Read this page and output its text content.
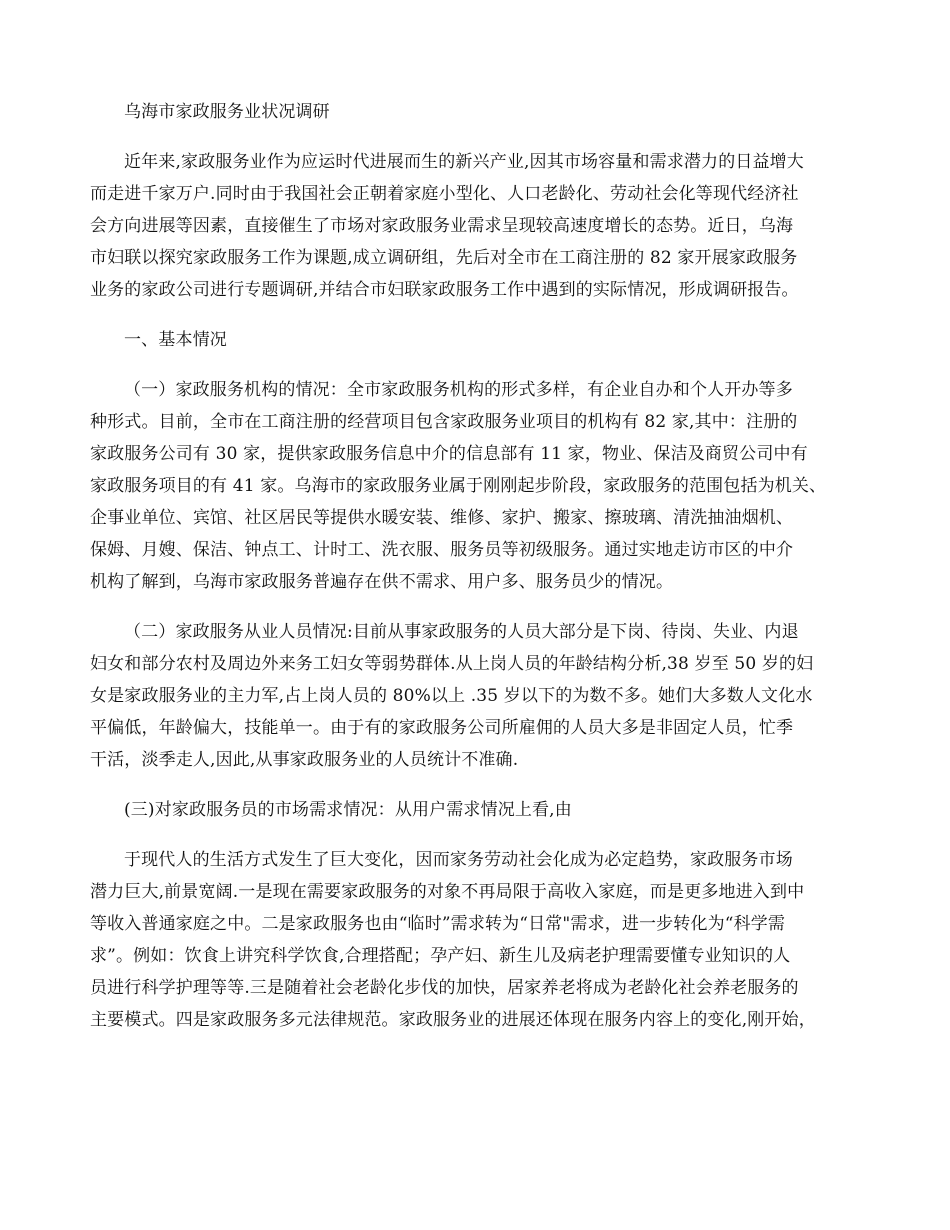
乌海市家政服务业状况调研
近年来,家政服务业作为应运时代进展而生的新兴产业,因其市场容量和需求潜力的日益增大
而走进千家万户.同时由于我国社会正朝着家庭小型化、人口老龄化、劳动社会化等现代经济社
会方向进展等因素，直接催生了市场对家政服务业需求呈现较高速度增长的态势。近日，乌海
市妇联以探究家政服务工作为课题,成立调研组，先后对全市在工商注册的 82 家开展家政服务
业务的家政公司进行专题调研,并结合市妇联家政服务工作中遇到的实际情况，形成调研报告。
一、基本情况
（一）家政服务机构的情况：全市家政服务机构的形式多样，有企业自办和个人开办等多
种形式。目前，全市在工商注册的经营项目包含家政服务业项目的机构有 82 家,其中：注册的
家政服务公司有 30 家，提供家政服务信息中介的信息部有 11 家，物业、保洁及商贸公司中有
家政服务项目的有 41 家。乌海市的家政服务业属于刚刚起步阶段，家政服务的范围包括为机关、
企事业单位、宾馆、社区居民等提供水暖安装、维修、家护、搬家、擦玻璃、清洗抽油烟机、
保姆、月嫂、保洁、钟点工、计时工、洗衣服、服务员等初级服务。通过实地走访市区的中介
机构了解到，乌海市家政服务普遍存在供不需求、用户多、服务员少的情况。
（二）家政服务从业人员情况:目前从事家政服务的人员大部分是下岗、待岗、失业、内退
妇女和部分农村及周边外来务工妇女等弱势群体.从上岗人员的年龄结构分析,38 岁至 50 岁的妇
女是家政服务业的主力军,占上岗人员的 80%以上 .35 岁以下的为数不多。她们大多数人文化水
平偏低，年龄偏大，技能单一。由于有的家政服务公司所雇佣的人员大多是非固定人员，忙季
干活，淡季走人,因此,从事家政服务业的人员统计不准确.
(三)对家政服务员的市场需求情况：从用户需求情况上看,由
于现代人的生活方式发生了巨大变化，因而家务劳动社会化成为必定趋势，家政服务市场
潜力巨大,前景宽阔.一是现在需要家政服务的对象不再局限于高收入家庭，而是更多地进入到中
等收入普通家庭之中。二是家政服务也由“临时”需求转为“日常"需求，进一步转化为“科学需
求”。例如：饮食上讲究科学饮食,合理搭配；孕产妇、新生儿及病老护理需要懂专业知识的人
员进行科学护理等等.三是随着社会老龄化步伐的加快，居家养老将成为老龄化社会养老服务的
主要模式。四是家政服务多元法律规范。家政服务业的进展还体现在服务内容上的变化,刚开始，
